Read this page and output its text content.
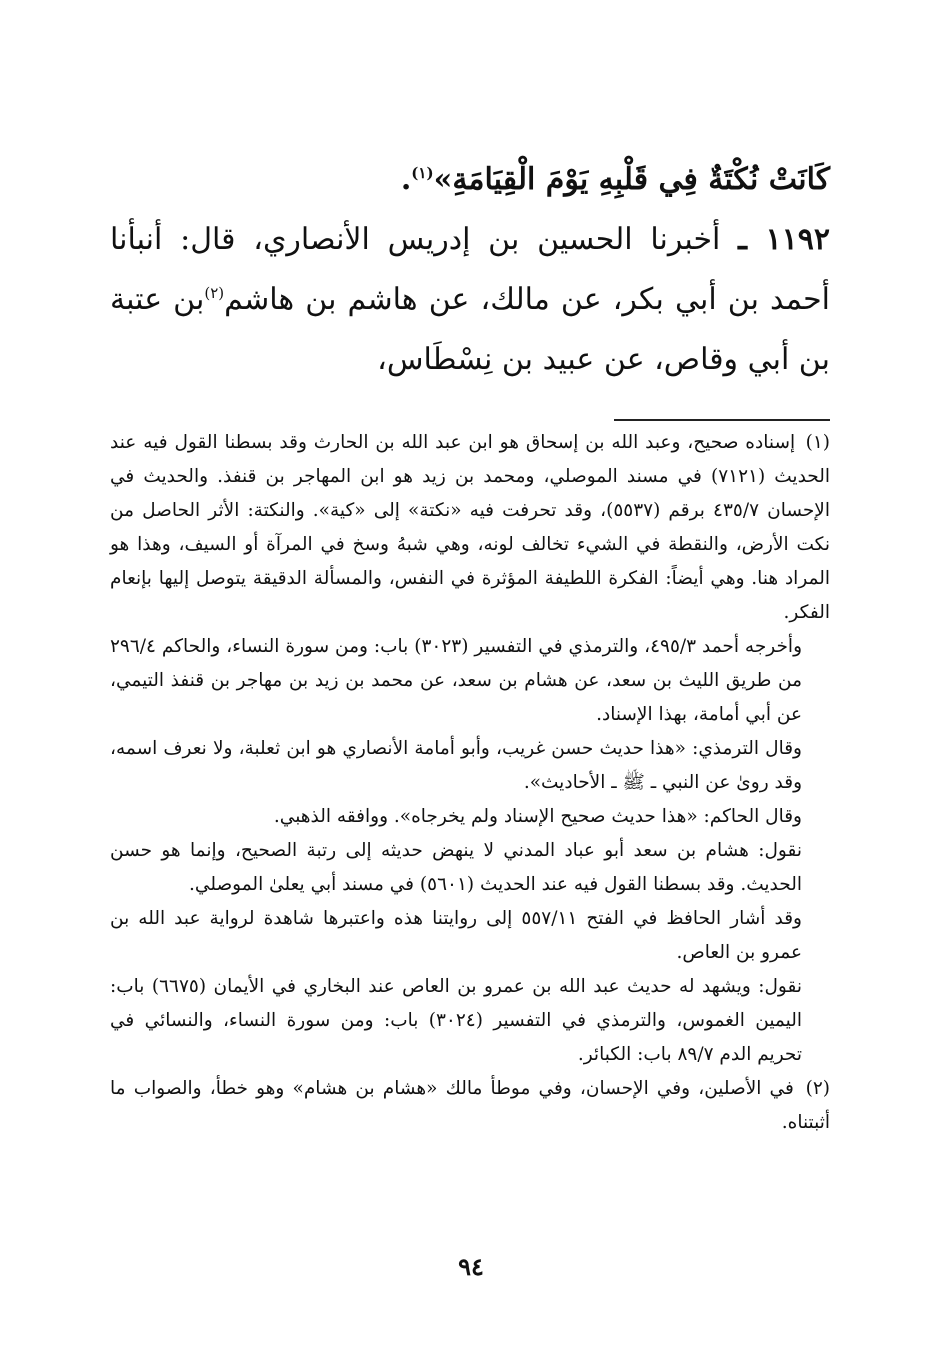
كَانَتْ نُكْتَةٌ فِي قَلْبِهِ يَوْمَ الْقِيَامَةِ»$^{(١)}$.

١١٩٢ ـ أخبرنا الحسين بن إدريس الأنصاري، قال: أنبأنا أحمد بن أبي بكر، عن مالك، عن هاشم بن هاشم$^{(٢)}$بن عتبة بن أبي وقاص، عن عبيد بن نِسْطَاس،

(١) إسناده صحيح، وعبد الله بن إسحاق هو ابن عبد الله بن الحارث وقد بسطنا القول فيه عند الحديث (٧١٢١) في مسند الموصلي، ومحمد بن زيد هو ابن المهاجر بن قنفذ. والحديث في الإحسان ٤٣٥/٧ برقم (٥٥٣٧)، وقد تحرفت فيه «نكتة» إلى «كية». والنكتة: الأثر الحاصل من نكت الأرض، والنقطة في الشيء تخالف لونه، وهي شبهُ وسخ في المرآة أو السيف، وهذا هو المراد هنا. وهي أيضاً: الفكرة اللطيفة المؤثرة في النفس، والمسألة الدقيقة يتوصل إليها بإنعام الفكر.

وأخرجه أحمد ٤٩٥/٣، والترمذي في التفسير (٣٠٢٣) باب: ومن سورة النساء، والحاكم ٢٩٦/٤ من طريق الليث بن سعد، عن هشام بن سعد، عن محمد بن زيد بن مهاجر بن قنفذ التيمي، عن أبي أمامة، بهذا الإسناد.

وقال الترمذي: «هذا حديث حسن غريب، وأبو أمامة الأنصاري هو ابن ثعلبة، ولا نعرف اسمه، وقد روىٰ عن النبي ـ ﷺ ـ الأحاديث».

وقال الحاكم: «هذا حديث صحيح الإسناد ولم يخرجاه». ووافقه الذهبي.

نقول: هشام بن سعد أبو عباد المدني لا ينهض حديثه إلى رتبة الصحيح، وإنما هو حسن الحديث. وقد بسطنا القول فيه عند الحديث (٥٦٠١) في مسند أبي يعلىٰ الموصلي.

وقد أشار الحافظ في الفتح ٥٥٧/١١ إلى روايتنا هذه واعتبرها شاهدة لرواية عبد الله بن عمرو بن العاص.

نقول: ويشهد له حديث عبد الله بن عمرو بن العاص عند البخاري في الأيمان (٦٦٧٥) باب: اليمين الغموس، والترمذي في التفسير (٣٠٢٤) باب: ومن سورة النساء، والنسائي في تحريم الدم ٨٩/٧ باب: الكبائر.

(٢) في الأصلين، وفي الإحسان، وفي موطأ مالك «هشام بن هشام» وهو خطأ، والصواب ما أثبتناه.

٩٤
